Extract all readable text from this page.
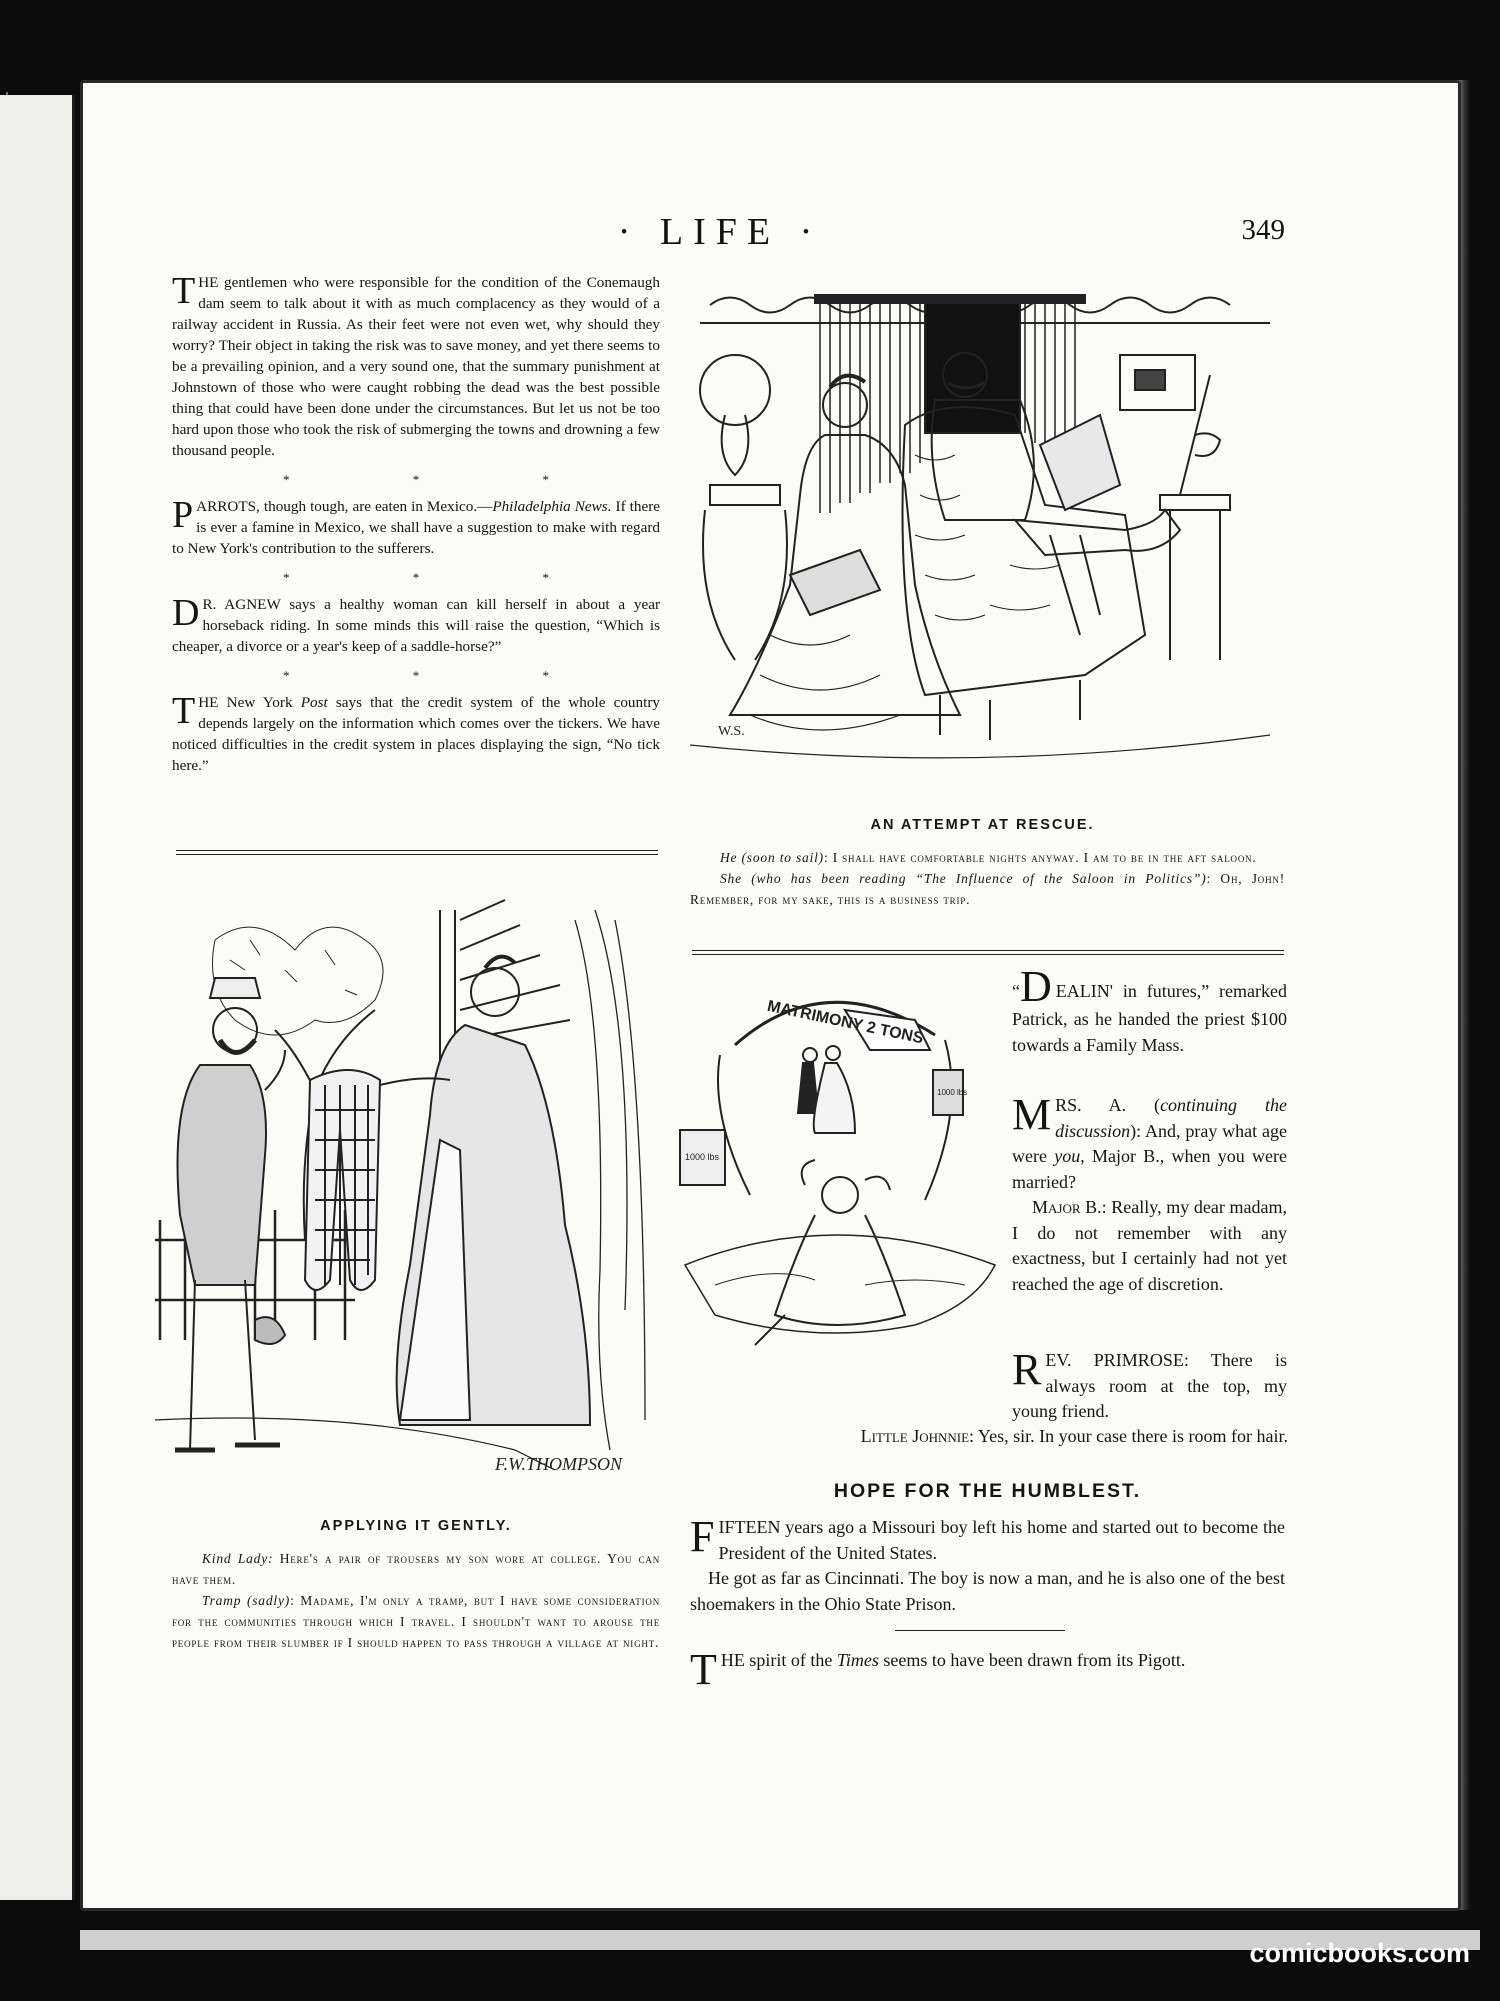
· LIFE ·	349

THE gentlemen who were responsible for the condition of the Conemaugh dam seem to talk about it with as much complacency as they would of a railway accident in Russia. As their feet were not even wet, why should they worry? Their object in taking the risk was to save money, and yet there seems to be a prevailing opinion, and a very sound one, that the summary punishment at Johnstown of those who were caught robbing the dead was the best possible thing that could have been done under the circumstances. But let us not be too hard upon those who took the risk of submerging the towns and drowning a few thousand people.

* * *

PARROTS, though tough, are eaten in Mexico.—Philadelphia News. If there is ever a famine in Mexico, we shall have a suggestion to make with regard to New York's contribution to the sufferers.

* * *

D R. AGNEW says a healthy woman can kill herself in about a year horseback riding. In some minds this will raise the question, “Which is cheaper, a divorce or a year's keep of a saddle-horse?”

* * *

THE New York Post says that the credit system of the whole country depends largely on the information which comes over the tickers. We have noticed difficulties in the credit system in places displaying the sign, “No tick here.”

W.S.
AN ATTEMPT AT RESCUE.
He (soon to sail): I shall have comfortable nights anyway. I am to be in the aft saloon.
She (who has been reading “The Influence of the Saloon in Politics”): Oh, John! Remember, for my sake, this is a business trip.
F.W.THOMPSON
APPLYING IT GENTLY.
Kind Lady: Here's a pair of trousers my son wore at college. You can have them.
Tramp (sadly): Madame, I'm only a tramp, but I have some consideration for the communities through which I travel. I shouldn't want to arouse the people from their slumber if I should happen to pass through a village at night.
MATRIMONY 2 TONS
1000 lbs
1000 lbs
“D EALIN' in futures,” remarked Patrick, as he handed the priest $100 towards a Family Mass.
MRS. A. (continuing the discussion): And, pray what age were you, Major B., when you were married?
Major B.: Really, my dear madam, I do not remember with any exactness, but I certainly had not yet reached the age of discretion.
REV. PRIMROSE: There is always room at the top, my young friend.
Little Johnnie: Yes, sir. In your case there is room for hair.
HOPE FOR THE HUMBLEST.
FIFTEEN years ago a Missouri boy left his home and started out to become the President of the United States.
He got as far as Cincinnati. The boy is now a man, and he is also one of the best shoemakers in the Ohio State Prison.
THE spirit of the Times seems to have been drawn from its Pigott.
comicbooks.com
